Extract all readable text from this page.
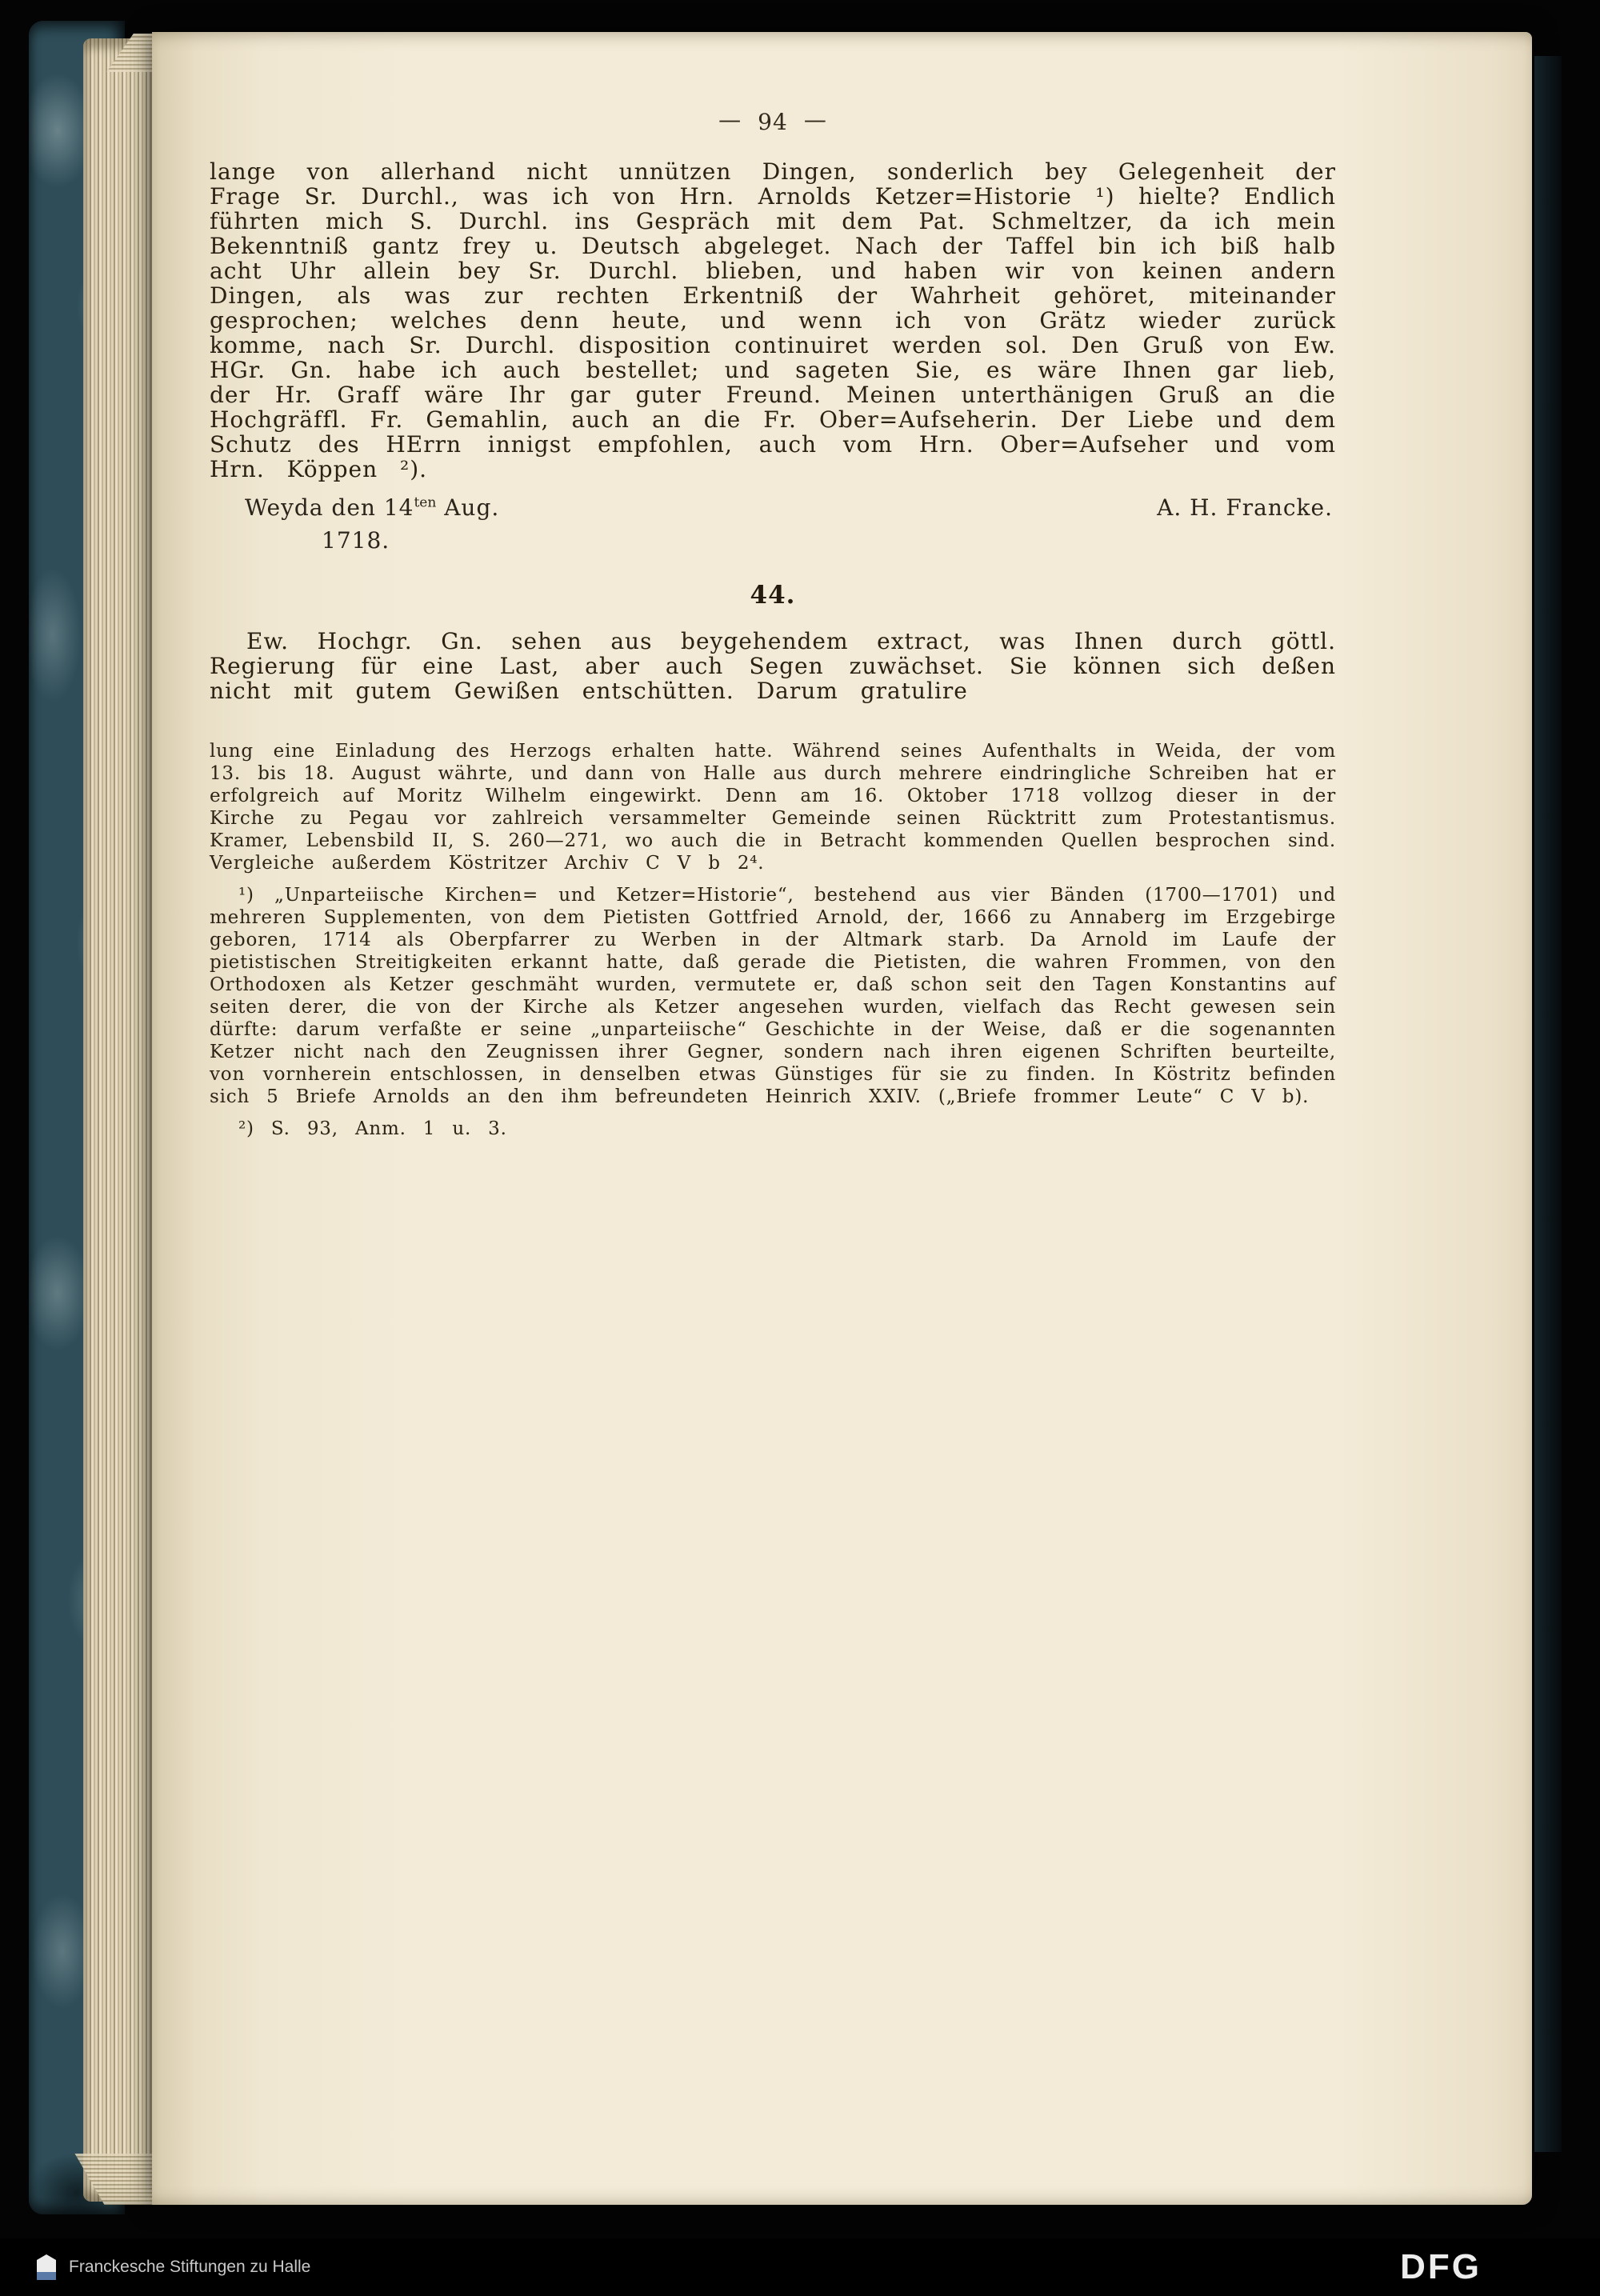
— 94 —

lange von allerhand nicht unnützen Dingen, sonderlich bey Gelegenheit der Frage Sr. Durchl., was ich von Hrn. Arnolds Ketzer=Historie ¹) hielte? Endlich führten mich S. Durchl. ins Gespräch mit dem Pat. Schmeltzer, da ich mein Bekenntniß gantz frey u. Deutsch abgeleget. Nach der Taffel bin ich biß halb acht Uhr allein bey Sr. Durchl. blieben, und haben wir von keinen andern Dingen, als was zur rechten Erkentniß der Wahrheit gehöret, miteinander gesprochen; welches denn heute, und wenn ich von Grätz wieder zurück komme, nach Sr. Durchl. disposition continuiret werden sol. Den Gruß von Ew. HGr. Gn. habe ich auch bestellet; und sageten Sie, es wäre Ihnen gar lieb, der Hr. Graff wäre Ihr gar guter Freund. Meinen unterthänigen Gruß an die Hochgräffl. Fr. Gemahlin, auch an die Fr. Ober=Aufseherin. Der Liebe und dem Schutz des HErrn innigst empfohlen, auch vom Hrn. Ober=Aufseher und vom Hrn. Köppen ²).

Weyda den $14^{ten}$ Aug.	A. H. Francke.
1718.
44.

Ew. Hochgr. Gn. sehen aus beygehendem extract, was Ihnen durch göttl. Regierung für eine Last, aber auch Segen zuwächset. Sie können sich deßen nicht mit gutem Gewißen entschütten. Darum gratulire

lung eine Einladung des Herzogs erhalten hatte. Während seines Aufenthalts in Weida, der vom 13. bis 18. August währte, und dann von Halle aus durch mehrere eindringliche Schreiben hat er erfolgreich auf Moritz Wilhelm eingewirkt. Denn am 16. Oktober 1718 vollzog dieser in der Kirche zu Pegau vor zahlreich versammelter Gemeinde seinen Rücktritt zum Protestantismus. Kramer, Lebensbild II, S. 260—271, wo auch die in Betracht kommenden Quellen besprochen sind. Vergleiche außerdem Köstritzer Archiv C V b 2⁴.

¹) „Unparteiische Kirchen= und Ketzer=Historie“, bestehend aus vier Bänden (1700—1701) und mehreren Supplementen, von dem Pietisten Gottfried Arnold, der, 1666 zu Annaberg im Erzgebirge geboren, 1714 als Oberpfarrer zu Werben in der Altmark starb. Da Arnold im Laufe der pietistischen Streitigkeiten erkannt hatte, daß gerade die Pietisten, die wahren Frommen, von den Orthodoxen als Ketzer geschmäht wurden, vermutete er, daß schon seit den Tagen Konstantins auf seiten derer, die von der Kirche als Ketzer angesehen wurden, vielfach das Recht gewesen sein dürfte: darum verfaßte er seine „unparteiische“ Geschichte in der Weise, daß er die sogenannten Ketzer nicht nach den Zeugnissen ihrer Gegner, sondern nach ihren eigenen Schriften beurteilte, von vornherein entschlossen, in denselben etwas Günstiges für sie zu finden. In Köstritz befinden sich 5 Briefe Arnolds an den ihm befreundeten Heinrich XXIV. („Briefe frommer Leute“ C V b).

²) S. 93, Anm. 1 u. 3.

Franckesche Stiftungen zu Halle	DFG
